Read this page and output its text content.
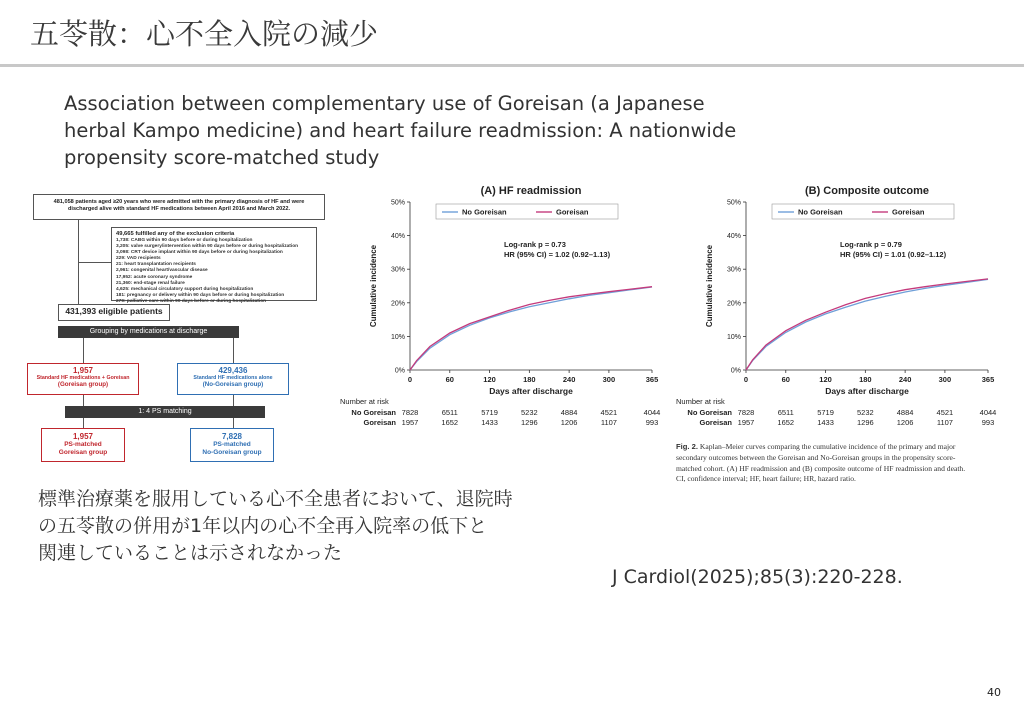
五苓散：心不全入院の減少
Association between complementary use of Goreisan (a Japanese
herbal Kampo medicine) and heart failure readmission: A nationwide
propensity score-matched study
481,058 patients aged ≥20 years who were admitted with the primary diagnosis of HF and were
discharged alive with standard HF medications between April 2016 and March 2022.
49,665 fulfilled any of the exclusion criteria
1,738: CABG within 90 days before or during hospitalization
3,205: valve surgery/intervention within 90 days before or during hospitalization
3,098: CRT device implant within 90 days before or during hospitalization
229: VAD recipients
21: heart transplantation recipients
2,961: congenital heart/vascular disease
17,952: acute coronary syndrome
21,360: end-stage renal failure
4,625: mechanical circulatory support during hospitalization
181: pregnancy or delivery within 90 days before or during hospitalization
279: palliative care within 90 days before or during hospitalization
431,393 eligible patients
Grouping by medications at discharge
1,957
Standard HF medications + Goreisan
(Goreisan group)
429,436
Standard HF medications alone
(No-Goreisan group)
1: 4 PS matching
1,957
PS-matched
Goreisan group
7,828
PS-matched
No-Goreisan group
(A) HF readmission
0%
10%
20%
30%
40%
50%
0	60	120	180	240	300	365
Days after discharge
Cumulative incidence
No Goreisan	Goreisan
Log-rank p = 0.73
HR (95% CI) = 1.02 (0.92–1.13)
Number at risk
No Goreisan 7828	6511	5719	5232	4884	4521	4044
Goreisan 1957	1652	1433	1296	1206	1107	993
(B) Composite outcome
0%
10%
20%
30%
40%
50%
0	60	120	180	240	300	365
Days after discharge
Cumulative incidence
No Goreisan	Goreisan
Log-rank p = 0.79
HR (95% CI) = 1.01 (0.92–1.12)
Number at risk
No Goreisan 7828	6511	5719	5232	4884	4521	4044
Goreisan 1957	1652	1433	1296	1206	1107	993
Fig. 2. Kaplan–Meier curves comparing the cumulative incidence of the primary and major
secondary outcomes between the Goreisan and No-Goreisan groups in the propensity score-
matched cohort. (A) HF readmission and (B) composite outcome of HF readmission and death.
CI, confidence interval; HF, heart failure; HR, hazard ratio.
標準治療薬を服用している心不全患者において、退院時
の五苓散の併用が1年以内の心不全再入院率の低下と
関連していることは示されなかった
J Cardiol(2025);85(3):220-228.
40
